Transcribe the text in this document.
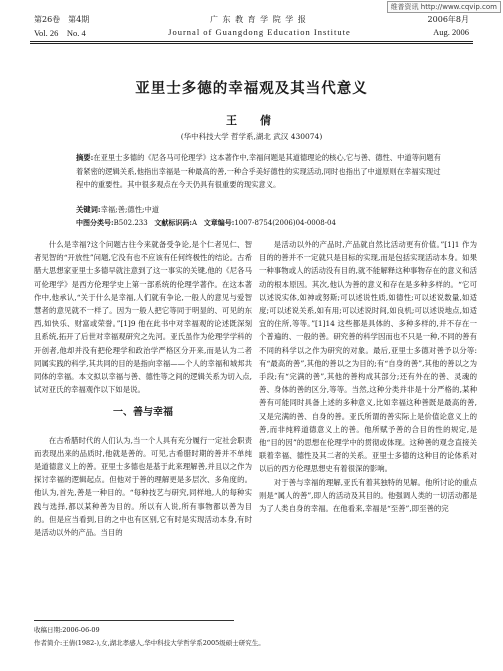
维普资讯 http://www.cqvip.com
第26卷　第4期	广 东 教 育 学 院 学 报	2006年8月
Vol. 26　No. 4	Journal of Guangdong Education Institute	Aug. 2006
亚里士多德的幸福观及其当代意义
王　倩
(华中科技大学 哲学系,湖北 武汉 430074)
摘要:在亚里士多德的《尼各马可伦理学》这本著作中,幸福问题是其道德理论的核心,它与善、德性、中道等问题有着紧密的逻辑关系,他指出幸福是一种最高的善,一种合乎美好德性的实现活动,同时也指出了中道原则在幸福实现过程中的重要性。其中很多观点在今天仍具有很重要的现实意义。
关键词:幸福;善;德性;中道
中图分类号:B502.233 文献标识码:A 文章编号:1007-8754(2006)04-0008-04

什么是幸福?这个问题古往今来就备受争论,是个仁者见仁、智者见智的“开放性”问题,它没有也不应该有任何终极性的结论。古希腊大思想家亚里士多德早就注意到了这一事实的关键,他的《尼各马可伦理学》是西方伦理学史上第一部系统的伦理学著作。在这本著作中,他承认,“关于什么是幸福,人们就有争论,一般人的意见与爱智慧者的意见就不一样了。因为一般人把它等同于明显的、可见的东西,如快乐、财富或荣誉。”[1]9 他在此书中对幸福观的论述既深刻且系统,拓开了后世对幸福观研究之先河。亚氏虽作为伦理学学科的开创者,他却并没有把伦理学和政治学严格区分开来,而是认为二者同属实践的科学,其共同的目的是指向幸福——个人的幸福和城邦共同体的幸福。本文拟以幸福与善、德性等之间的逻辑关系为切入点,试对亚氏的幸福观作以下如是说。

一、善与幸福

在古希腊时代的人们认为,当一个人具有充分履行一定社会职责而表现出来的品质时,他就是善的。可见,古希腊时期的善并不单纯是道德意义上的善。亚里士多德也是基于此来理解善,并且以之作为探讨幸福的逻辑起点。但他对于善的理解更是多层次、多角度的。他认为,首先,善是一种目的。“每种技艺与研究,同样地,人的每种实践与选择,都以某种善为目的。所以有人说,所有事物都以善为目的。但是应当看到,目的之中也有区别,它有时是实现活动本身,有时是活动以外的产品。当目的

是活动以外的产品时,产品就自然比活动更有价值。”[1]1 作为目的的善并不一定就只是目标的实现,而是包括实现活动本身。如果一种事物或人的活动没有目的,就不能解释这种事物存在的意义和活动的根本原因。其次,他认为善的意义和存在是多种多样的。“它可以述说实体,如神或努斯;可以述说性质,如德性;可以述说数量,如适度;可以述说关系,如有用;可以述说时间,如良机;可以述说地点,如适宜的住所,等等。”[1]14 这些都是具体的、多种多样的,并不存在一个普遍的、一般的善。研究善的科学因而也不只是一种,不同的善有不同的科学以之作为研究的对象。最后,亚里士多德对善予以分等:有“最高的善”,其他的善以之为目的;有“自身的善”,其他的善以之为手段;有“完满的善”,其他的善构成其部分;还有外在的善、灵魂的善、身体的善的区分,等等。当然,这种分类并非是十分严格的,某种善有可能同时具备上述的多种意义,比如幸福这种善既是最高的善,又是完满的善、自身的善。亚氏所谓的善实际上是价值论意义上的善,而非纯粹道德意义上的善。他所赋予善的合目的性的规定,是他“目的因”的思想在伦理学中的贯彻或体现。这种善的观念直接关联着幸福、德性及其二者的关系。亚里士多德的这种目的论体系对以后的西方伦理思想史有着很深的影响。

对于善与幸福的理解,亚氏有着其独特的见解。他所讨论的重点则是“属人的善”,即人的活动及其目的。他强调人类的一切活动都是为了人类自身的幸福。在他看来,幸福是“至善”,即至善的完

收稿日期:2006-06-09
作者简介:王倩(1982-),女,湖北孝感人,华中科技大学哲学系2005级硕士研究生。
